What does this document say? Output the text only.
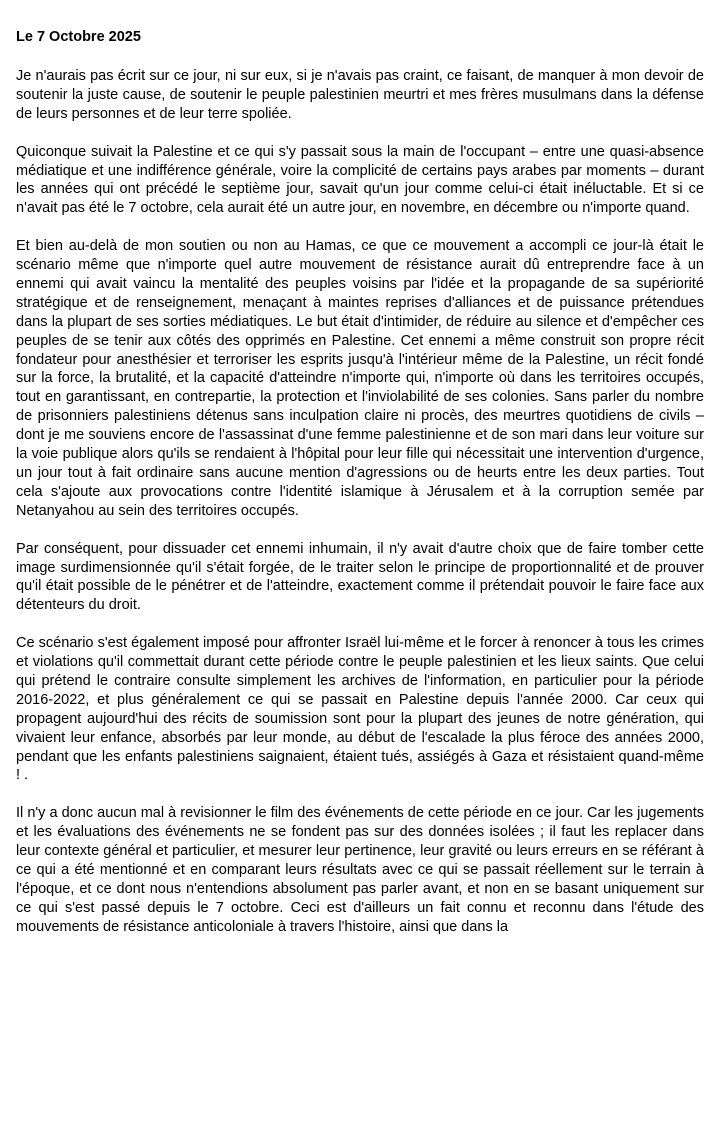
Le 7 Octobre 2025

Je n'aurais pas écrit sur ce jour, ni sur eux, si je n'avais pas craint, ce faisant, de manquer à mon devoir de soutenir la juste cause, de soutenir le peuple palestinien meurtri et mes frères musulmans dans la défense de leurs personnes et de leur terre spoliée.

Quiconque suivait la Palestine et ce qui s'y passait sous la main de l'occupant – entre une quasi-absence médiatique et une indifférence générale, voire la complicité de certains pays arabes par moments – durant les années qui ont précédé le septième jour, savait qu'un jour comme celui-ci était inéluctable. Et si ce n'avait pas été le 7 octobre, cela aurait été un autre jour, en novembre, en décembre ou n'importe quand.

Et bien au-delà de mon soutien ou non au Hamas, ce que ce mouvement a accompli ce jour-là était le scénario même que n'importe quel autre mouvement de résistance aurait dû entreprendre face à un ennemi qui avait vaincu la mentalité des peuples voisins par l'idée et la propagande de sa supériorité stratégique et de renseignement, menaçant à maintes reprises d'alliances et de puissance prétendues dans la plupart de ses sorties médiatiques. Le but était d'intimider, de réduire au silence et d'empêcher ces peuples de se tenir aux côtés des opprimés en Palestine. Cet ennemi a même construit son propre récit fondateur pour anesthésier et terroriser les esprits jusqu'à l'intérieur même de la Palestine, un récit fondé sur la force, la brutalité, et la capacité d'atteindre n'importe qui, n'importe où dans les territoires occupés, tout en garantissant, en contrepartie, la protection et l'inviolabilité de ses colonies. Sans parler du nombre de prisonniers palestiniens détenus sans inculpation claire ni procès, des meurtres quotidiens de civils – dont je me souviens encore de l'assassinat d'une femme palestinienne et de son mari dans leur voiture sur la voie publique alors qu'ils se rendaient à l'hôpital pour leur fille qui nécessitait une intervention d'urgence, un jour tout à fait ordinaire sans aucune mention d'agressions ou de heurts entre les deux parties. Tout cela s'ajoute aux provocations contre l'identité islamique à Jérusalem et à la corruption semée par Netanyahou au sein des territoires occupés.

Par conséquent, pour dissuader cet ennemi inhumain, il n'y avait d'autre choix que de faire tomber cette image surdimensionnée qu'il s'était forgée, de le traiter selon le principe de proportionnalité et de prouver qu'il était possible de le pénétrer et de l'atteindre, exactement comme il prétendait pouvoir le faire face aux détenteurs du droit.

Ce scénario s'est également imposé pour affronter Israël lui-même et le forcer à renoncer à tous les crimes et violations qu'il commettait durant cette période contre le peuple palestinien et les lieux saints. Que celui qui prétend le contraire consulte simplement les archives de l'information, en particulier pour la période 2016-2022, et plus généralement ce qui se passait en Palestine depuis l'année 2000. Car ceux qui propagent aujourd'hui des récits de soumission sont pour la plupart des jeunes de notre génération, qui vivaient leur enfance, absorbés par leur monde, au début de l'escalade la plus féroce des années 2000, pendant que les enfants palestiniens saignaient, étaient tués, assiégés à Gaza et résistaient quand-même ! .

Il n'y a donc aucun mal à revisionner le film des événements de cette période en ce jour. Car les jugements et les évaluations des événements ne se fondent pas sur des données isolées ; il faut les replacer dans leur contexte général et particulier, et mesurer leur pertinence, leur gravité ou leurs erreurs en se référant à ce qui a été mentionné et en comparant leurs résultats avec ce qui se passait réellement sur le terrain à l'époque, et ce dont nous n'entendions absolument pas parler avant, et non en se basant uniquement sur ce qui s'est passé depuis le 7 octobre. Ceci est d'ailleurs un fait connu et reconnu dans l'étude des mouvements de résistance anticoloniale à travers l'histoire, ainsi que dans la
